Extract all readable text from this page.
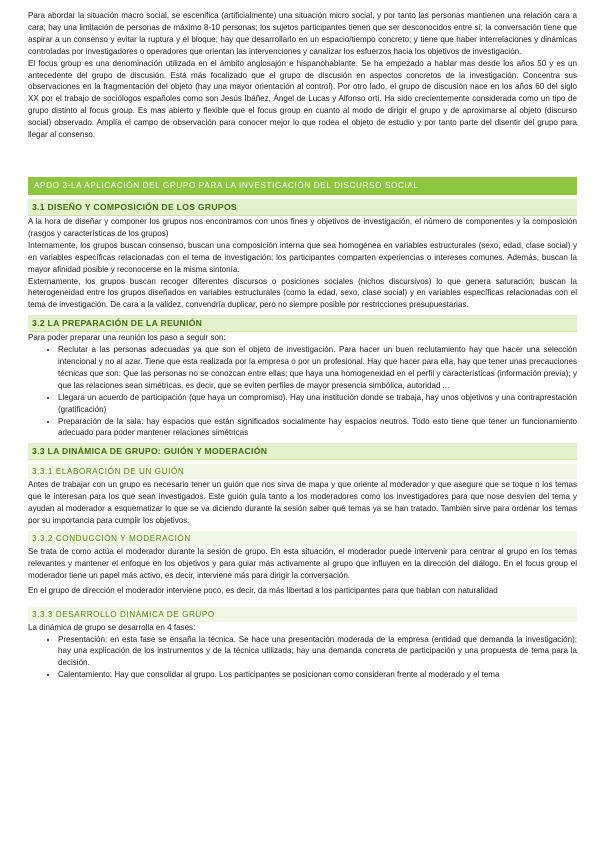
Para abordar la situación macro social, se escenifica (artificialmente) una situación micro social, y por tanto las personas mantienen una relación cara a cara; hay una limitación de personas de máximo 8-10 personas; los sujetos participantes tienen que ser desconocidos entre sí; la conversación tiene que aspirar a un consenso y evitar la ruptura y el bloque; hay que desarrollarlo en un espacio/tiempo concreto; y tiene que haber interrelaciones y dinámicas controladas por investigadores o operadores que orientan las intervenciones y canalizar los esfuerzos hacia los objetivos de investigación.

El focus group es una denominación utilizada en el ámbito anglosajón e hispanohablante. Se ha empezado a hablar mas desde los años 50 y es un antecedente del grupo de discusión. Está más focalizado que el grupo de discusión en aspectos concretos de la investigación. Concentra sus observaciones en la fragmentación del objeto (hay una mayor orientación al control). Por otro lado, el grupo de discusión nace en los años 60 del siglo XX por el trabajo de sociólogos españoles como son Jesús Ibáñez, Ángel de Lucas y Alfonso ortí. Ha sido crecientemente considerada como un tipo de grupo distinto al focus group. Es mas abierto y flexible que el focus group en cuanto al modo de dirigir el grupo y de aproximarse al objeto (discurso social) observado. Amplía el campo de observación para conocer mejor lo que rodea el objeto de estudio y por tanto parte del disentir del grupo para llegar al consenso.

APDO 3-LA APLICACIÓN DEL GRUPO PARA LA INVESTIGACIÓN DEL DISCURSO SOCIAL
3.1 DISEÑO Y COMPOSICIÓN DE LOS GRUPOS

A la hora de diseñar y componer los grupos nos encontramos con unos fines y objetivos de investigación, el número de componentes y la composición (rasgos y características de los grupos)

Internamente, los grupos buscan consenso, buscan una composición interna que sea homogénea en variables estructurales (sexo, edad, clase social) y en variables específicas relacionadas con el tema de investigación; los participantes comparten experiencias o intereses comunes. Además, buscan la mayor afinidad posible y reconocerse en la misma sintonía.

Externamente, los grupos buscan recoger diferentes discursos o posiciones sociales (nichos discursivos) lo que genera saturación; buscan la heterogeneidad entre los grupos diseñados en variables estructurales (como la edad, sexo, clase social) y en variables específicas relacionadas con el tema de investigación. De cara a la validez, convendría duplicar, pero no siempre posible por restricciones presupuestarias.

3.2 LA PREPARACIÓN DE LA REUNIÓN

Para poder preparar una reunión los paso a seguir son:

• Reclutar a las personas adecuadas ya que son el objeto de investigación. Para hacer un buen reclutamiento hay que hacer una selección intencional y no al azar. Tiene que esta realizada por la empresa o por un profesional. Hay que hacer para ella, hay que tener unas precauciones técnicas que son: Que las personas no se conozcan entre ellas; que haya una homogeneidad en el perfil y características (información previa); y que las relaciones sean simétricas, es decir, que se eviten perfiles de mayor presencia simbólica, autoridad ...
• Llegara un acuerdo de participación (que haya un compromiso). Hay una institución donde se trabaja, hay unos objetivos y una contraprestación (gratificación)
• Preparación de la sala: hay espacios que están significados socialmente hay espacios neutros. Todo esto tiene que tener un funcionamiento adecuado para poder mantener relaciones simétricas
3.3 LA DINÁMICA DE GRUPO: GUIÓN Y MODERACIÓN
3.3.1 ELABORACIÓN DE UN GUIÓN

Antes de trabajar con un grupo es necesario tener un guión que nos sirva de mapa y que oriente al moderador y que asegure que se toque n los temas que le interesan para los que sean investigados. Este guión guía tanto a los moderadores como los investigadores para que nose desvíen del tema y ayudan al moderador a esquematizar lo que se va diciendo durante la sesión saber qué temas ya se han tratado. También sirve para ordenar los temas por su importancia para cumplir los objetivos.

3.3.2 CONDUCCIÓN Y MODERACIÓN

Se trata de como actúa el moderador durante la sesión de grupo. En esta situación, el moderador puede intervenir para centrar al grupo en los temas relevantes y mantener el enfoque en los objetivos y para guiar más activamente al grupo que influyen en la dirección del diálogo. En el focus group el moderador tiene un papel más activo, es decir, interviene más para dirigir la conversación.

En el grupo de dirección el moderador interviene poco, es decir, da más libertad a los participantes para que hablan con naturalidad

3.3.3 DESARROLLO DINÁMICA DE GRUPO

La dinámica de grupo se desarrolla en 4 fases:

• Presentación: en esta fase se ensaña la técnica. Se hace una presentación moderada de la empresa (entidad que demanda la investigación); hay una explicación de los instrumentos y de la técnica utilizada; hay una demanda concreta de participación y una propuesta de tema para la decisión.
• Calentamiento: Hay que consolidar al grupo. Los participantes se posicionan como consideran frente al moderado y el tema
